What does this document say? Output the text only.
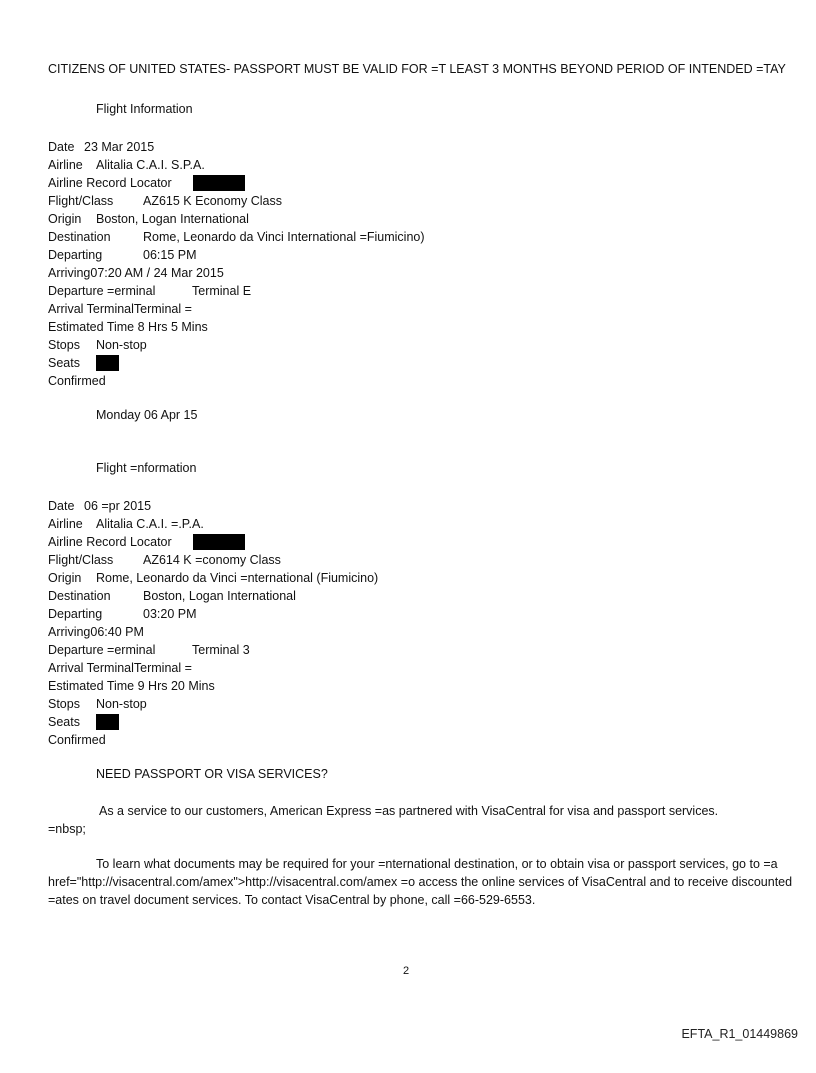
CITIZENS OF UNITED STATES- PASSPORT MUST BE VALID FOR =T LEAST 3 MONTHS BEYOND PERIOD OF INTENDED =TAY
Flight Information
Date 23 Mar 2015
Airline Alitalia C.A.I. S.P.A.
Airline Record Locator
Flight/Class AZ615 K Economy Class
Origin Boston, Logan International
Destination	Rome, Leonardo da Vinci International =Fiumicino)
Departing	06:15 PM
Arriving07:20 AM / 24 Mar 2015
Departure =erminal	Terminal E
Arrival TerminalTerminal =
Estimated Time 8 Hrs 5 Mins
Stops Non-stop
Seats
Confirmed
Monday 06 Apr 15
Flight =nformation
Date 06 =pr 2015
Airline Alitalia C.A.I. =.P.A.
Airline Record Locator
Flight/Class AZ614 K =conomy Class
Origin Rome, Leonardo da Vinci =nternational (Fiumicino)
Destination	Boston, Logan International
Departing	03:20 PM
Arriving06:40 PM
Departure =erminal	Terminal 3
Arrival TerminalTerminal =
Estimated Time 9 Hrs 20 Mins
Stops Non-stop
Seats
Confirmed
NEED PASSPORT OR VISA SERVICES?
As a service to our customers, American Express =as partnered with VisaCentral for visa and passport services.
=nbsp;
To learn what documents may be required for your =nternational destination, or to obtain visa or passport services, go to =a href="http://visacentral.com/amex">http://visacentral.com/amex =o access the online services of VisaCentral and to receive discounted =ates on travel document services. To contact VisaCentral by phone, call =66-529-6553.
2
EFTA_R1_01449869
